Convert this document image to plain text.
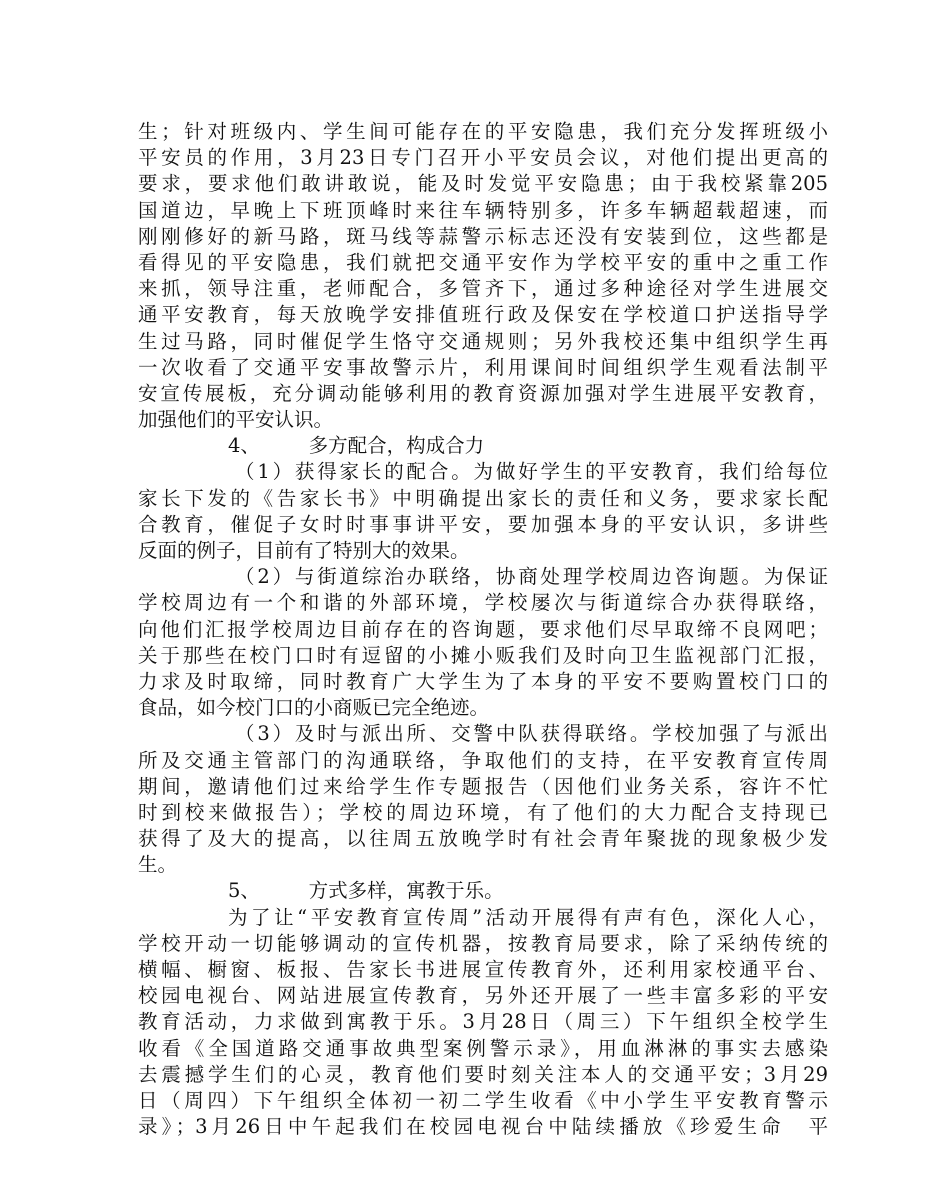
生；针对班级内、学生间可能存在的平安隐患，我们充分发挥班级小
平安员的作用，3月23日专门召开小平安员会议，对他们提出更高的
要求，要求他们敢讲敢说，能及时发觉平安隐患；由于我校紧靠205
国道边，早晚上下班顶峰时来往车辆特别多，许多车辆超载超速，而
刚刚修好的新马路，斑马线等蒜警示标志还没有安装到位，这些都是
看得见的平安隐患，我们就把交通平安作为学校平安的重中之重工作
来抓，领导注重，老师配合，多管齐下，通过多种途径对学生进展交
通平安教育，每天放晚学安排值班行政及保安在学校道口护送指导学
生过马路，同时催促学生恪守交通规则；另外我校还集中组织学生再
一次收看了交通平安事故警示片，利用课间时间组织学生观看法制平
安宣传展板，充分调动能够利用的教育资源加强对学生进展平安教育，
加强他们的平安认识。
4、　　　多方配合，构成合力
（1）获得家长的配合。为做好学生的平安教育，我们给每位
家长下发的《告家长书》中明确提出家长的责任和义务，要求家长配
合教育，催促子女时时事事讲平安，要加强本身的平安认识，多讲些
反面的例子，目前有了特别大的效果。
（2）与街道综治办联络，协商处理学校周边咨询题。为保证
学校周边有一个和谐的外部环境，学校屡次与街道综合办获得联络，
向他们汇报学校周边目前存在的咨询题，要求他们尽早取缔不良网吧；
关于那些在校门口时有逗留的小摊小贩我们及时向卫生监视部门汇报，
力求及时取缔，同时教育广大学生为了本身的平安不要购置校门口的
食品，如今校门口的小商贩已完全绝迹。
（3）及时与派出所、交警中队获得联络。学校加强了与派出
所及交通主管部门的沟通联络，争取他们的支持，在平安教育宣传周
期间，邀请他们过来给学生作专题报告（因他们业务关系，容许不忙
时到校来做报告）；学校的周边环境，有了他们的大力配合支持现已
获得了及大的提高，以往周五放晚学时有社会青年聚拢的现象极少发
生。
5、　　　方式多样，寓教于乐。
为了让“平安教育宣传周”活动开展得有声有色，深化人心，
学校开动一切能够调动的宣传机器，按教育局要求，除了采纳传统的
横幅、橱窗、板报、告家长书进展宣传教育外，还利用家校通平台、
校园电视台、网站进展宣传教育，另外还开展了一些丰富多彩的平安
教育活动，力求做到寓教于乐。3月28日（周三）下午组织全校学生
收看《全国道路交通事故典型案例警示录》，用血淋淋的事实去感染
去震撼学生们的心灵，教育他们要时刻关注本人的交通平安；3月29
日（周四）下午组织全体初一初二学生收看《中小学生平安教育警示
录》；3月26日中午起我们在校园电视台中陆续播放《珍爱生命　平
